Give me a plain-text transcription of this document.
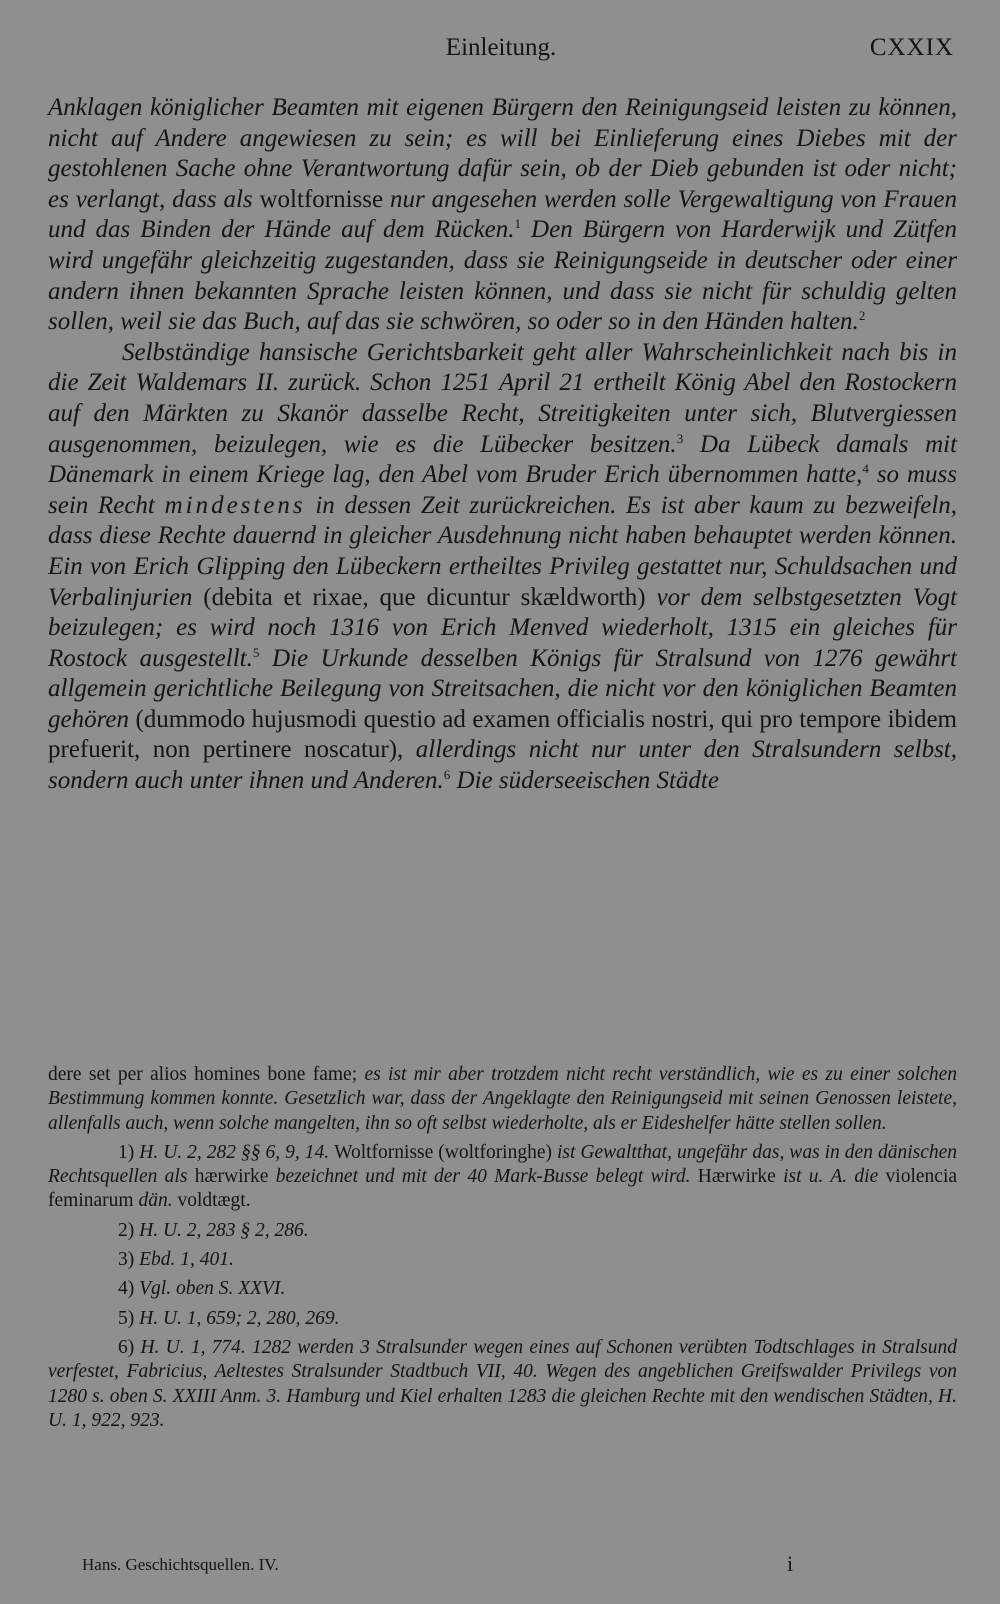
Einleitung.	CXXIX

Anklagen königlicher Beamten mit eigenen Bürgern den Reinigungseid leisten zu können, nicht auf Andere angewiesen zu sein; es will bei Einlieferung eines Diebes mit der gestohlenen Sache ohne Verantwortung dafür sein, ob der Dieb gebunden ist oder nicht; es verlangt, dass als woltfornisse nur angesehen werden solle Vergewaltigung von Frauen und das Binden der Hände auf dem Rücken.$^1$ Den Bürgern von Harderwijk und Zütfen wird ungefähr gleichzeitig zugestanden, dass sie Reinigungseide in deutscher oder einer andern ihnen bekannten Sprache leisten können, und dass sie nicht für schuldig gelten sollen, weil sie das Buch, auf das sie schwören, so oder so in den Händen halten.$^2$

Selbständige hansische Gerichtsbarkeit geht aller Wahrscheinlichkeit nach bis in die Zeit Waldemars II. zurück. Schon 1251 April 21 ertheilt König Abel den Rostockern auf den Märkten zu Skanör dasselbe Recht, Streitigkeiten unter sich, Blutvergiessen ausgenommen, beizulegen, wie es die Lübecker besitzen.$^3$ Da Lübeck damals mit Dänemark in einem Kriege lag, den Abel vom Bruder Erich übernommen hatte,$^4$ so muss sein Recht mindestens in dessen Zeit zurückreichen. Es ist aber kaum zu bezweifeln, dass diese Rechte dauernd in gleicher Ausdehnung nicht haben behauptet werden können. Ein von Erich Glipping den Lübeckern ertheiltes Privileg gestattet nur, Schuldsachen und Verbalinjurien (debita et rixae, que dicuntur skældworth) vor dem selbstgesetzten Vogt beizulegen; es wird noch 1316 von Erich Menved wiederholt, 1315 ein gleiches für Rostock ausgestellt.$^5$ Die Urkunde desselben Königs für Stralsund von 1276 gewährt allgemein gerichtliche Beilegung von Streitsachen, die nicht vor den königlichen Beamten gehören (dummodo hujusmodi questio ad examen officialis nostri, qui pro tempore ibidem prefuerit, non pertinere noscatur), allerdings nicht nur unter den Stralsundern selbst, sondern auch unter ihnen und Anderen.$^6$ Die süderseeischen Städte

dere set per alios homines bone fame; es ist mir aber trotzdem nicht recht verständlich, wie es zu einer solchen Bestimmung kommen konnte. Gesetzlich war, dass der Angeklagte den Reinigungseid mit seinen Genossen leistete, allenfalls auch, wenn solche mangelten, ihn so oft selbst wiederholte, als er Eideshelfer hätte stellen sollen.

1) H. U. 2, 282 §§ 6, 9, 14. Woltfornisse (woltforinghe) ist Gewaltthat, ungefähr das, was in den dänischen Rechtsquellen als hærwirke bezeichnet und mit der 40 Mark-Busse belegt wird. Hærwirke ist u. A. die violencia feminarum dän. voldtægt.

2) H. U. 2, 283 § 2, 286.

3) Ebd. 1, 401.

4) Vgl. oben S. XXVI.

5) H. U. 1, 659; 2, 280, 269.

6) H. U. 1, 774. 1282 werden 3 Stralsunder wegen eines auf Schonen verübten Todtschlages in Stralsund verfestet, Fabricius, Aeltestes Stralsunder Stadtbuch VII, 40. Wegen des angeblichen Greifswalder Privilegs von 1280 s. oben S. XXIII Anm. 3. Hamburg und Kiel erhalten 1283 die gleichen Rechte mit den wendischen Städten, H. U. 1, 922, 923.

Hans. Geschichtsquellen. IV.	i
